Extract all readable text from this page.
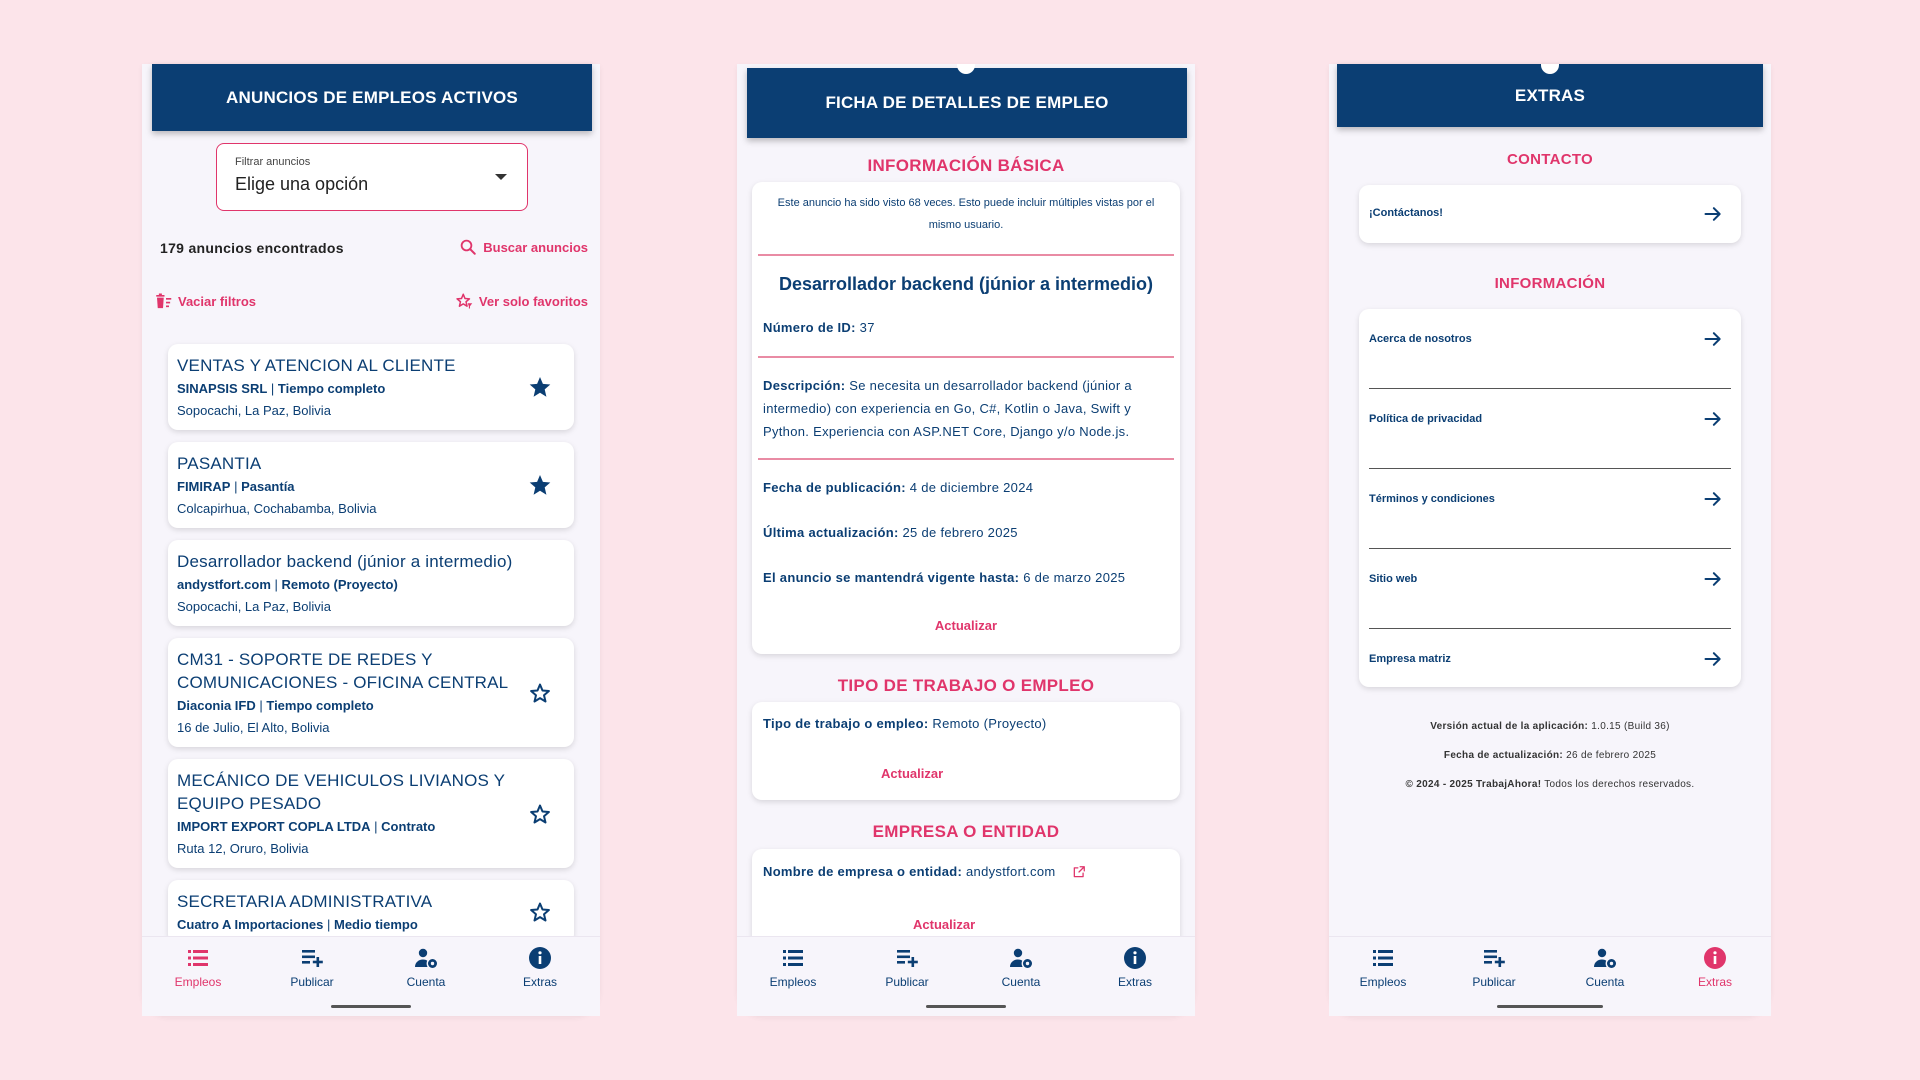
ANUNCIOS DE EMPLEOS ACTIVOS
Filtrar anuncios
Elige una opción
179 anuncios encontrados	Buscar anuncios
Vaciar filtros	Ver solo favoritos
VENTAS Y ATENCION AL CLIENTE
SINAPSIS SRL | Tiempo completo
Sopocachi, La Paz, Bolivia
PASANTIA
FIMIRAP | Pasantía
Colcapirhua, Cochabamba, Bolivia
Desarrollador backend (júnior a intermedio)
andystfort.com | Remoto (Proyecto)
Sopocachi, La Paz, Bolivia
CM31 - SOPORTE DE REDES Y COMUNICACIONES - OFICINA CENTRAL
Diaconia IFD | Tiempo completo
16 de Julio, El Alto, Bolivia
MECÁNICO DE VEHICULOS LIVIANOS Y EQUIPO PESADO
IMPORT EXPORT COPLA LTDA | Contrato
Ruta 12, Oruro, Bolivia
SECRETARIA ADMINISTRATIVA
Cuatro A Importaciones | Medio tiempo
Empleos	Publicar	Cuenta	Extras
FICHA DE DETALLES DE EMPLEO
INFORMACIÓN BÁSICA
Este anuncio ha sido visto 68 veces. Esto puede incluir múltiples vistas por el mismo usuario.
Desarrollador backend (júnior a intermedio)
Número de ID: 37
Descripción: Se necesita un desarrollador backend (júnior a intermedio) con experiencia en Go, C#, Kotlin o Java, Swift y Python. Experiencia con ASP.NET Core, Django y/o Node.js.
Fecha de publicación: 4 de diciembre 2024
Última actualización: 25 de febrero 2025
El anuncio se mantendrá vigente hasta: 6 de marzo 2025
Actualizar
TIPO DE TRABAJO O EMPLEO
Tipo de trabajo o empleo: Remoto (Proyecto)
Actualizar
EMPRESA O ENTIDAD
Nombre de empresa o entidad:
andystfort.com
Actualizar
Empleos	Publicar	Cuenta	Extras
EXTRAS
CONTACTO
¡Contáctanos!
INFORMACIÓN
Acerca de nosotros
Política de privacidad
Términos y condiciones
Sitio web
Empresa matriz
Versión actual de la aplicación: 1.0.15 (Build 36)
Fecha de actualización: 26 de febrero 2025
© 2024 - 2025 TrabajAhora! Todos los derechos reservados.
Empleos	Publicar	Cuenta	Extras
